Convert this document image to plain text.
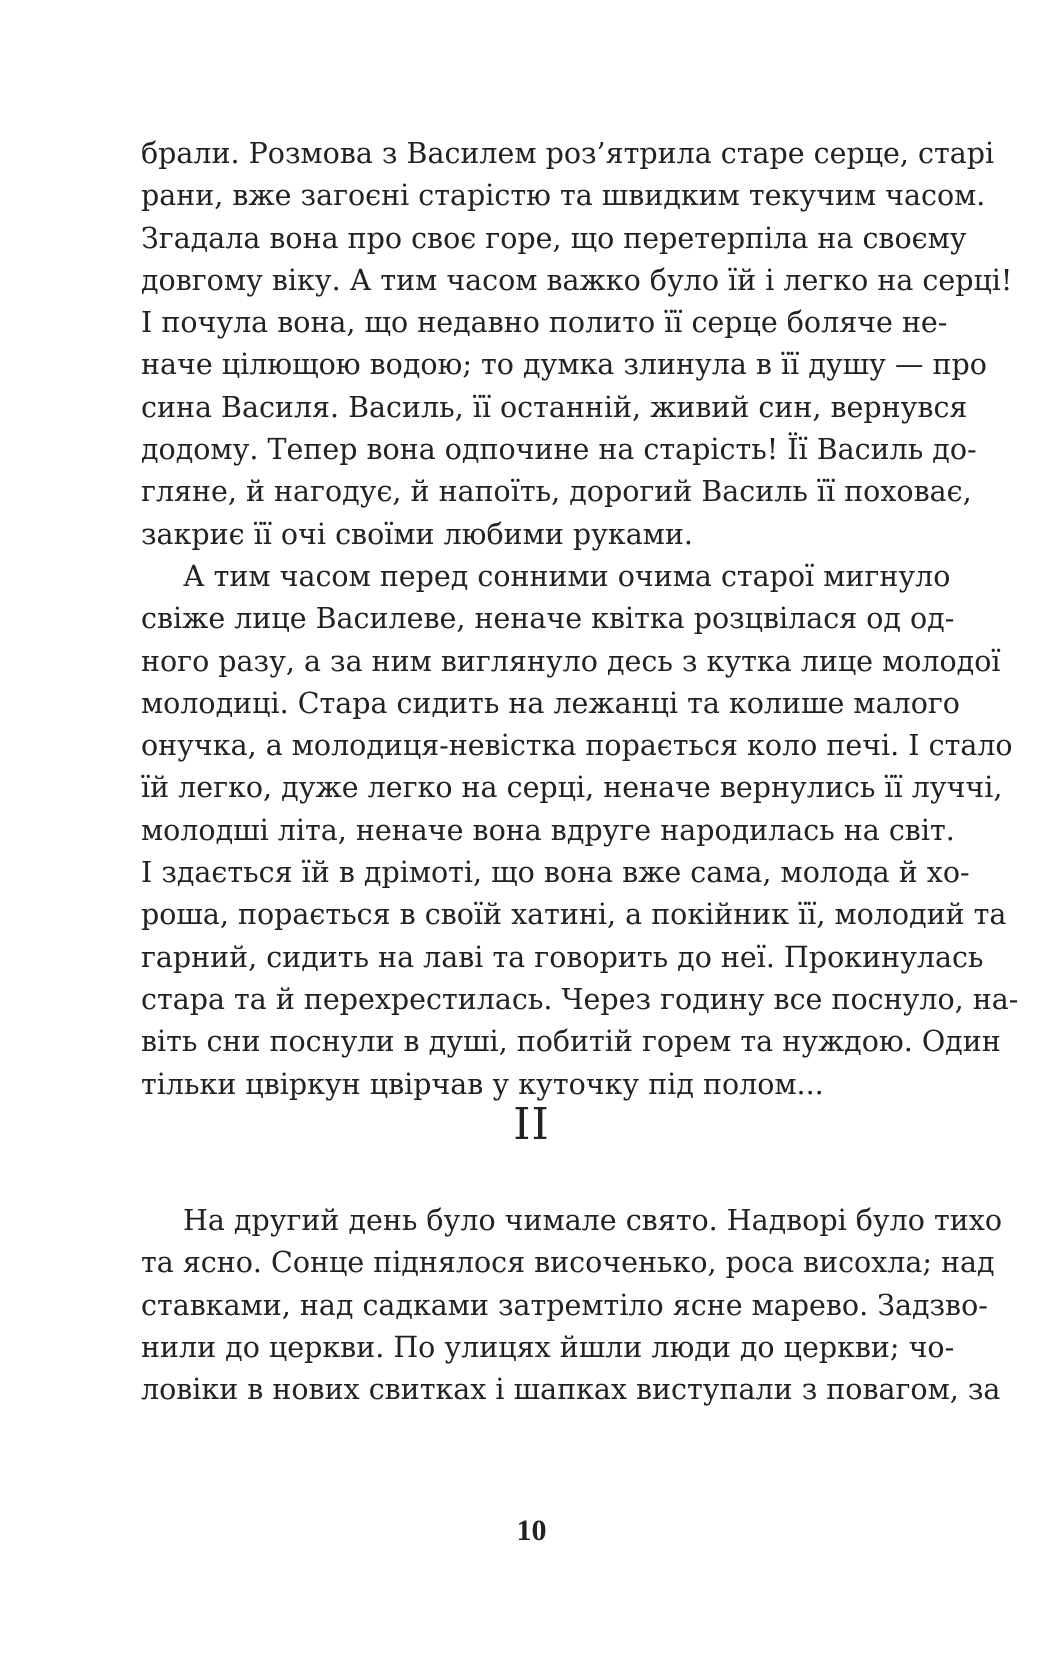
брали. Розмова з Василем роз’ятрила старе серце, старі
рани, вже загоєні старістю та швидким текучим часом.
Згадала вона про своє горе, що перетерпіла на своєму
довгому віку. А тим часом важко було їй і легко на серці!
І почула вона, що недавно полито її серце боляче не-
наче цілющою водою; то думка злинула в її душу — про
сина Василя. Василь, її останній, живий син, вернувся
додому. Тепер вона одпочине на старість! Її Василь до-
гляне, й нагодує, й напоїть, дорогий Василь її поховає,
закриє її очі своїми любими руками.
А тим часом перед сонними очима старої мигнуло
свіже лице Василеве, неначе квітка розцвілася од од-
ного разу, а за ним виглянуло десь з кутка лице молодої
молодиці. Стара сидить на лежанці та колише малого
онучка, а молодиця-невістка порається коло печі. І стало
їй легко, дуже легко на серці, неначе вернулись її луччі,
молодші літа, неначе вона вдруге народилась на світ.
І здається їй в дрімоті, що вона вже сама, молода й хо-
роша, порається в своїй хатині, а покійник її, молодий та
гарний, сидить на лаві та говорить до неї. Прокинулась
стара та й перехрестилась. Через годину все поснуло, на-
віть сни поснули в душі, побитій горем та нуждою. Один
тільки цвіркун цвірчав у куточку під полом...
II
На другий день було чимале свято. Надворі було тихо
та ясно. Сонце піднялося височенько, роса висохла; над
ставками, над садками затремтіло ясне марево. Задзво-
нили до церкви. По улицях йшли люди до церкви; чо-
ловіки в нових свитках і шапках виступали з повагом, за
10
